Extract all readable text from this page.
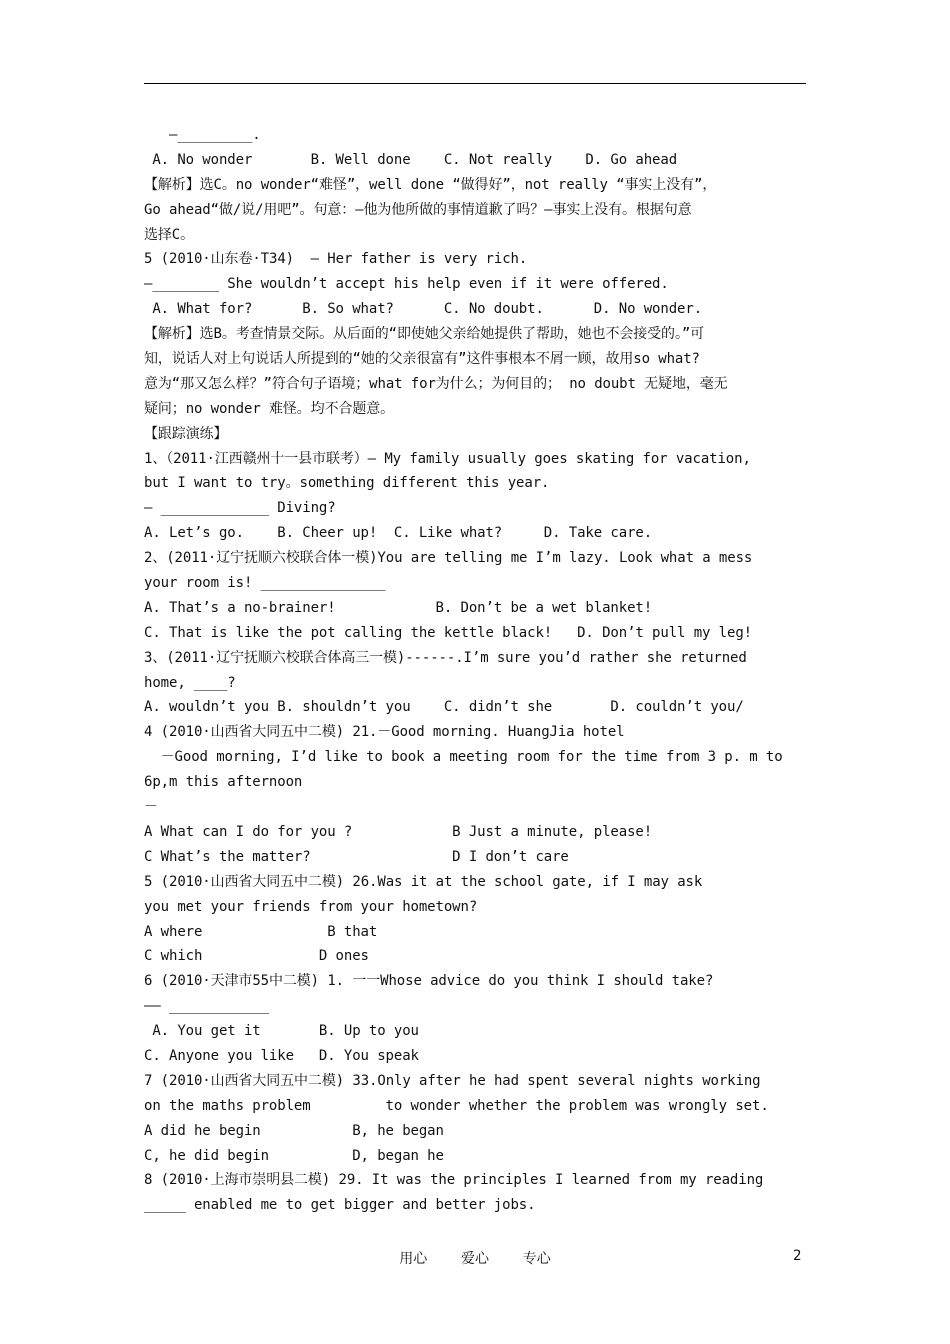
—_________.
A. No wonder       B. Well done    C. Not really    D. Go ahead
【解析】选C。no wonder“难怪”，well done “做得好”，not really “事实上没有”，
Go ahead“做/说/用吧”。句意：—他为他所做的事情道歉了吗？—事实上没有。根据句意
选择C。
5 (2010·山东卷·T34)  — Her father is very rich.
—________ She wouldn’t accept his help even if it were offered.
A. What for?      B. So what?      C. No doubt.      D. No wonder.
【解析】选B。考查情景交际。从后面的“即使她父亲给她提供了帮助，她也不会接受的。”可
知，说话人对上句说话人所提到的“她的父亲很富有”这件事根本不屑一顾，故用so what?
意为“那又怎么样？”符合句子语境；what for为什么；为何目的； no doubt 无疑地，毫无
疑问；no wonder 难怪。均不合题意。
【跟踪演练】
1、（2011·江西赣州十一县市联考）— My family usually goes skating for vacation,
but I want to try。something different this year.
— _____________ Diving?
A. Let’s go.    B. Cheer up!  C. Like what?     D. Take care.
2、(2011·辽宁抚顺六校联合体一模)You are telling me I’m lazy. Look what a mess
your room is! _______________
A. That’s a no-brainer!            B. Don’t be a wet blanket!
C. That is like the pot calling the kettle black!   D. Don’t pull my leg!
3、(2011·辽宁抚顺六校联合体高三一模)------.I’m sure you’d rather she returned
home, ____?
A. wouldn’t you B. shouldn’t you    C. didn’t she       D. couldn’t you/
4 (2010·山西省大同五中二模) 21.－Good morning. HuangJia hotel
－Good morning, I’d like to book a meeting room for the time from 3 p. m to
6p,m this afternoon
－
A What can I do for you ?            B Just a minute, please!
C What’s the matter?                 D I don’t care
5 (2010·山西省大同五中二模) 26.Was it at the school gate, if I may ask
you met your friends from your hometown?
A where               B that
C which              D ones
6 (2010·天津市55中二模) 1. 一一Whose advice do you think I should take?
—— ____________
A. You get it       B. Up to you
C. Anyone you like   D. You speak
7 (2010·山西省大同五中二模) 33.Only after he had spent several nights working
on the maths problem         to wonder whether the problem was wrongly set.
A did he begin           B, he began
C, he did begin          D, began he
8 (2010·上海市崇明县二模) 29. It was the principles I learned from my reading
_____ enabled me to get bigger and better jobs.
用心    爱心    专心	2
